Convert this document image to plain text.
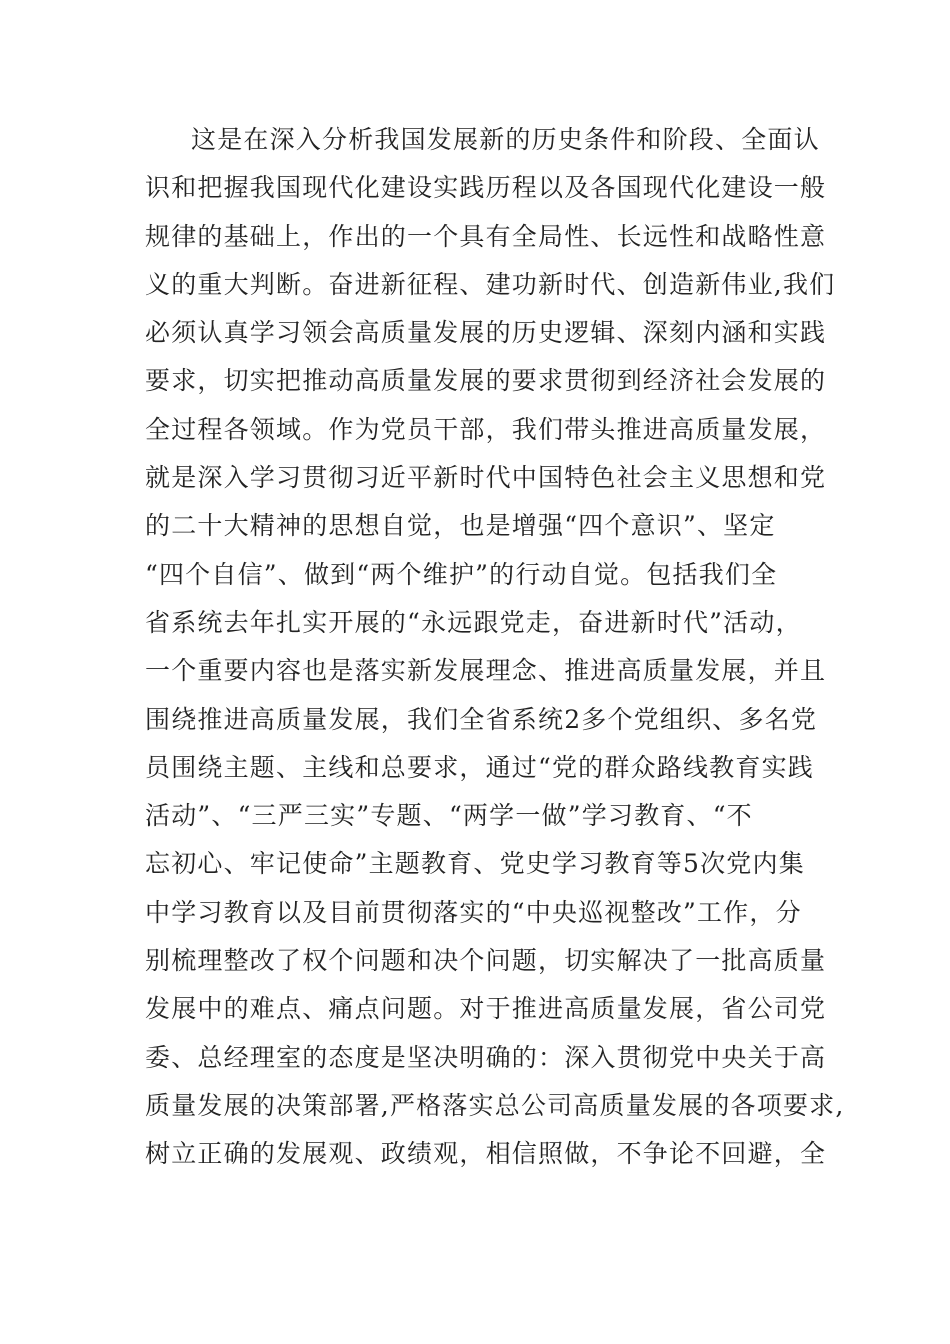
这是在深入分析我国发展新的历史条件和阶段、全面认
识和把握我国现代化建设实践历程以及各国现代化建设一般
规律的基础上，作出的一个具有全局性、长远性和战略性意
义的重大判断。奋进新征程、建功新时代、创造新伟业,我们
必须认真学习领会高质量发展的历史逻辑、深刻内涵和实践
要求，切实把推动高质量发展的要求贯彻到经济社会发展的
全过程各领域。作为党员干部，我们带头推进高质量发展，
就是深入学习贯彻习近平新时代中国特色社会主义思想和党
的二十大精神的思想自觉，也是增强“四个意识”、坚定
“四个自信”、做到“两个维护”的行动自觉。包括我们全
省系统去年扎实开展的“永远跟党走，奋进新时代”活动，
一个重要内容也是落实新发展理念、推进高质量发展，并且
围绕推进高质量发展，我们全省系统2多个党组织、多名党
员围绕主题、主线和总要求，通过“党的群众路线教育实践
活动”、“三严三实”专题、“两学一做”学习教育、“不
忘初心、牢记使命”主题教育、党史学习教育等5次党内集
中学习教育以及目前贯彻落实的“中央巡视整改”工作，分
别梳理整改了权个问题和决个问题，切实解决了一批高质量
发展中的难点、痛点问题。对于推进高质量发展，省公司党
委、总经理室的态度是坚决明确的：深入贯彻党中央关于高
质量发展的决策部署,严格落实总公司高质量发展的各项要求,
树立正确的发展观、政绩观，相信照做，不争论不回避，全
